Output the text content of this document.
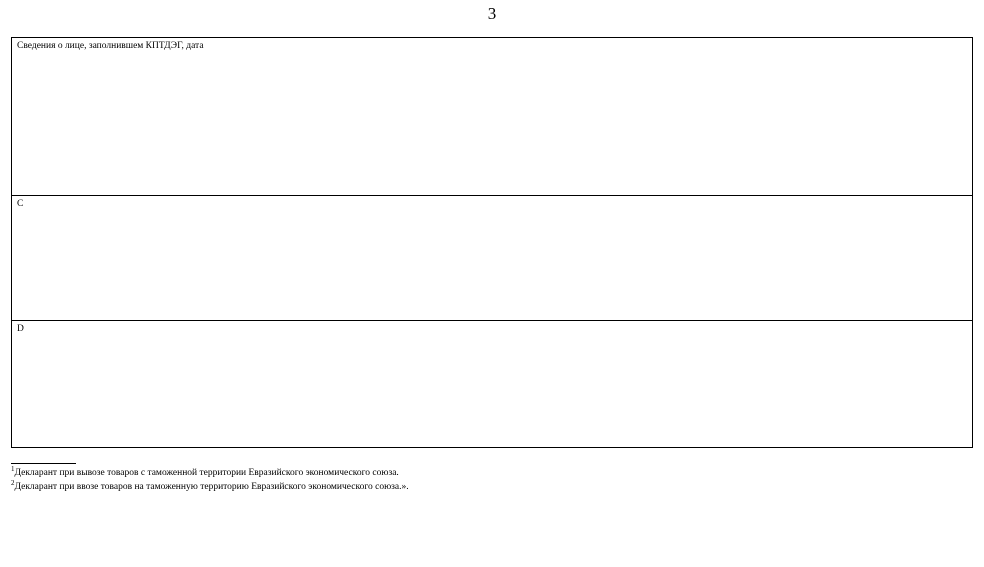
3
Сведения о лице, заполнившем КПТДЭГ, дата
C
D
$^1$Декларант при вывозе товаров с таможенной территории Евразийского экономического союза.
$^2$Декларант при ввозе товаров на таможенную территорию Евразийского экономического союза.».
